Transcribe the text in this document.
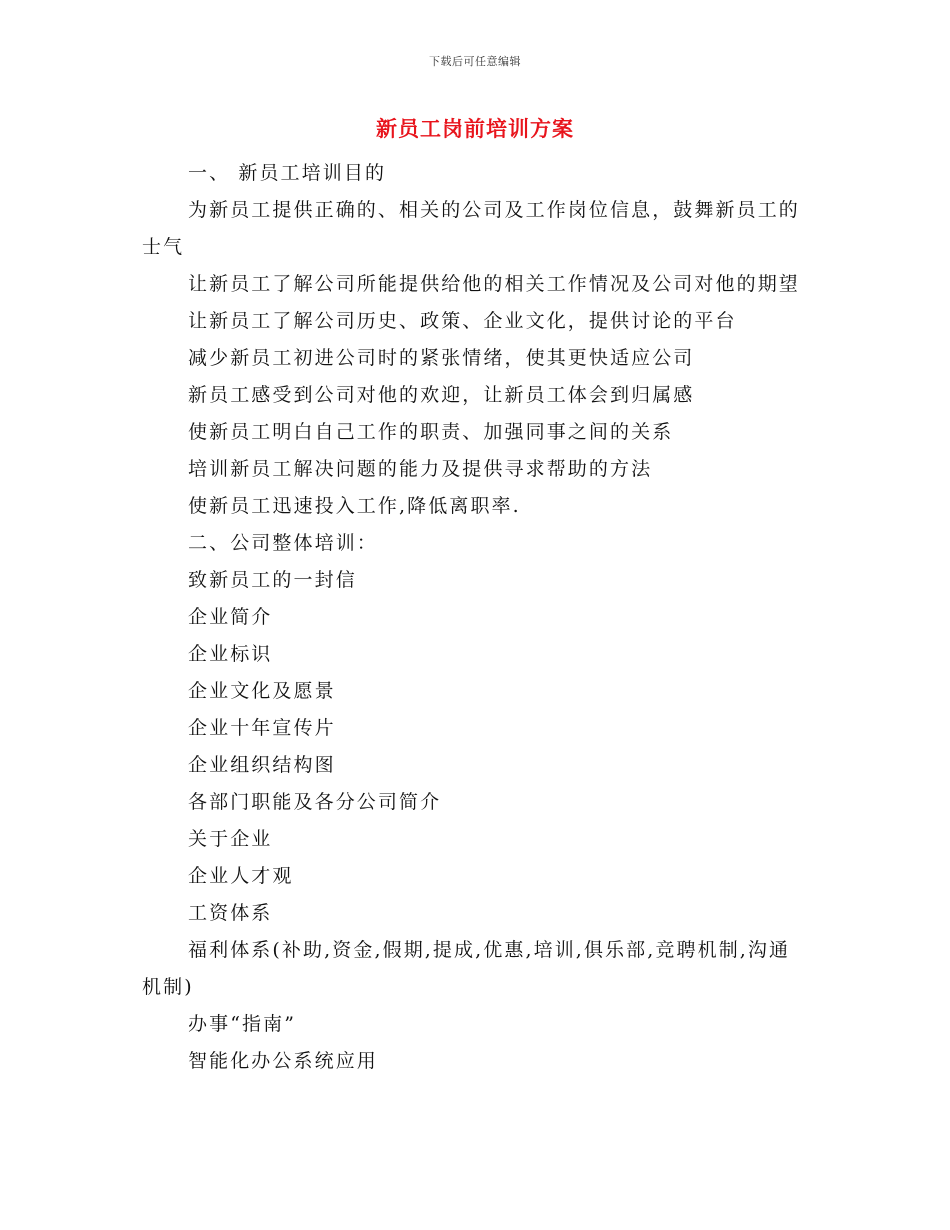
下载后可任意编辑
新员工岗前培训方案

一、 新员工培训目的

为新员工提供正确的、相关的公司及工作岗位信息，鼓舞新员工的士气

让新员工了解公司所能提供给他的相关工作情况及公司对他的期望

让新员工了解公司历史、政策、企业文化，提供讨论的平台

减少新员工初进公司时的紧张情绪，使其更快适应公司

新员工感受到公司对他的欢迎，让新员工体会到归属感

使新员工明白自己工作的职责、加强同事之间的关系

培训新员工解决问题的能力及提供寻求帮助的方法

使新员工迅速投入工作,降低离职率.

二、公司整体培训：

致新员工的一封信

企业简介

企业标识

企业文化及愿景

企业十年宣传片

企业组织结构图

各部门职能及各分公司简介

关于企业

企业人才观

工资体系

福利体系(补助,资金,假期,提成,优惠,培训,俱乐部,竞聘机制,沟通机制)

办事“指南”

智能化办公系统应用
